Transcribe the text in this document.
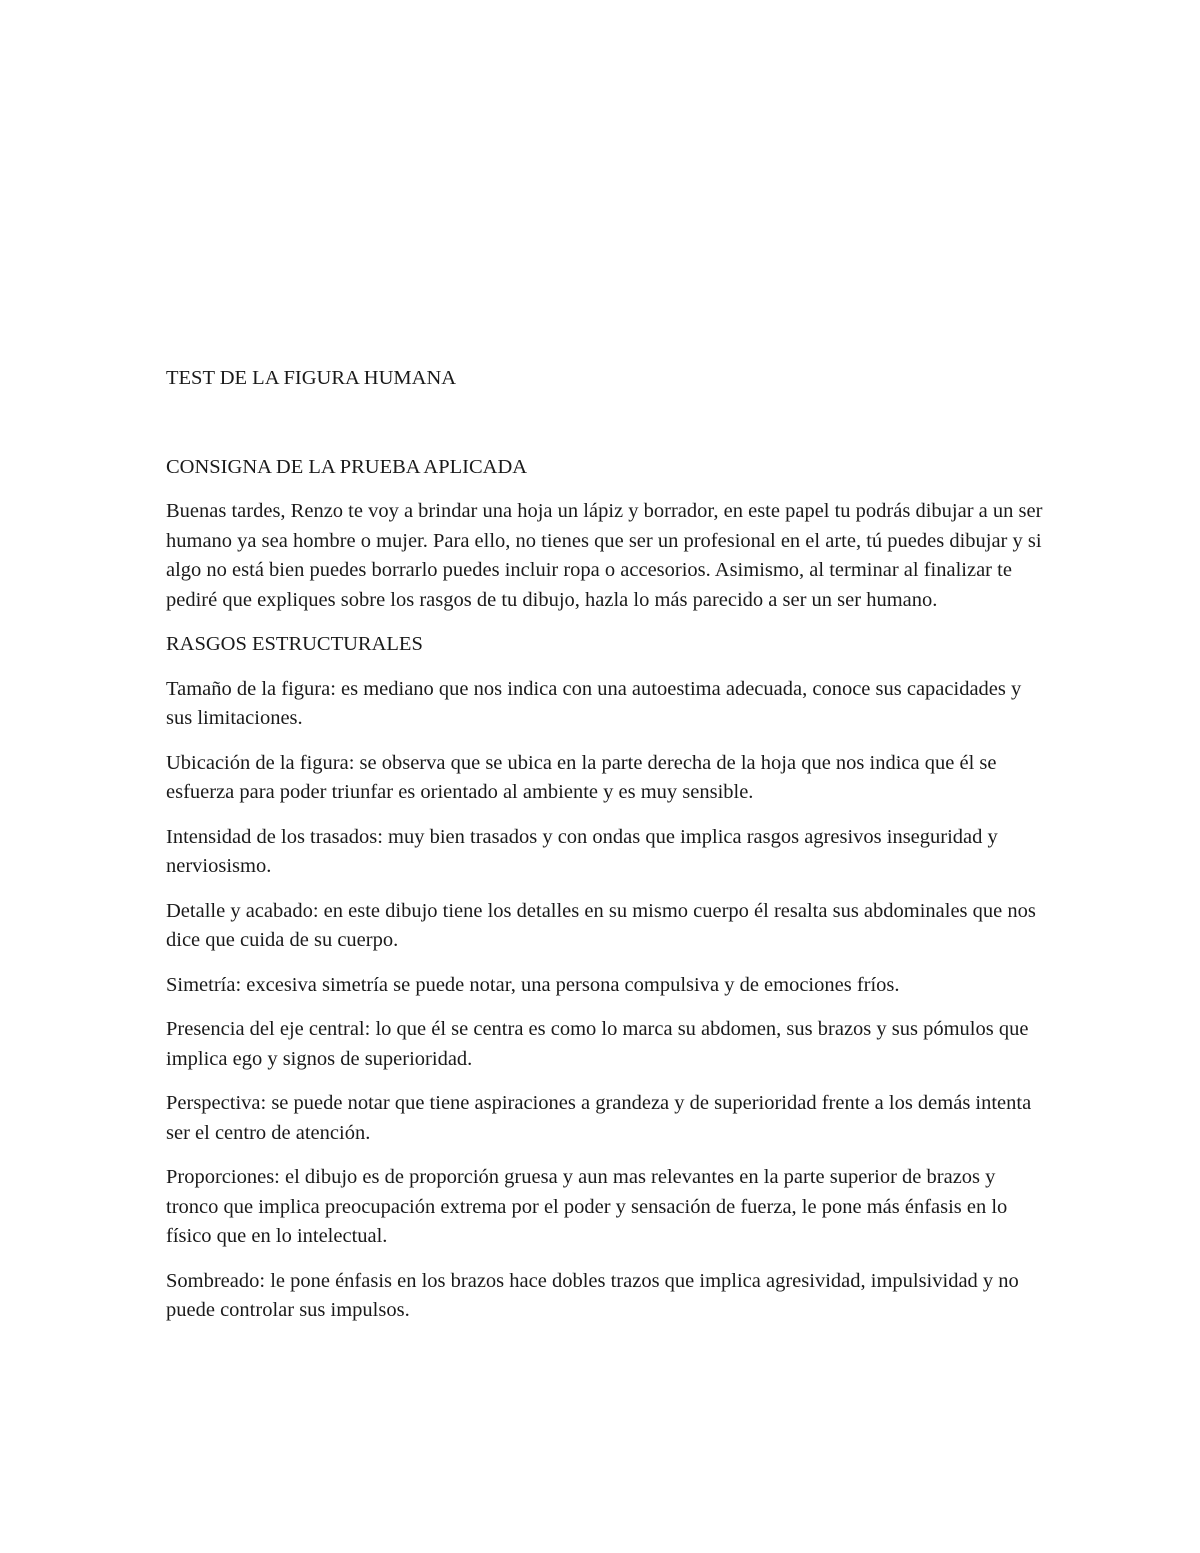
TEST DE LA FIGURA HUMANA
CONSIGNA DE LA PRUEBA APLICADA

Buenas tardes, Renzo te voy a brindar una hoja un lápiz y borrador, en este papel tu podrás dibujar a un ser humano ya sea hombre o mujer. Para ello, no tienes que ser un profesional en el arte, tú puedes dibujar y si algo no está bien puedes borrarlo puedes incluir ropa o accesorios. Asimismo, al terminar al finalizar te pediré que expliques sobre los rasgos de tu dibujo, hazla lo más parecido a ser un ser humano.

RASGOS ESTRUCTURALES

Tamaño de la figura: es mediano que nos indica con una autoestima adecuada, conoce sus capacidades y sus limitaciones.

Ubicación de la figura: se observa que se ubica en la parte derecha de la hoja que nos indica que él se esfuerza para poder triunfar es orientado al ambiente y es muy sensible.

Intensidad de los trasados: muy bien trasados y con ondas que implica rasgos agresivos inseguridad y nerviosismo.

Detalle y acabado: en este dibujo tiene los detalles en su mismo cuerpo él resalta sus abdominales que nos dice que cuida de su cuerpo.

Simetría: excesiva simetría se puede notar, una persona compulsiva y de emociones fríos.

Presencia del eje central: lo que él se centra es como lo marca su abdomen, sus brazos y sus pómulos que implica ego y signos de superioridad.

Perspectiva: se puede notar que tiene aspiraciones a grandeza y de superioridad frente a los demás intenta ser el centro de atención.

Proporciones: el dibujo es de proporción gruesa y aun mas relevantes en la parte superior de brazos y tronco que implica preocupación extrema por el poder y sensación de fuerza, le pone más énfasis en lo físico que en lo intelectual.

Sombreado: le pone énfasis en los brazos hace dobles trazos que implica agresividad, impulsividad y no puede controlar sus impulsos.
